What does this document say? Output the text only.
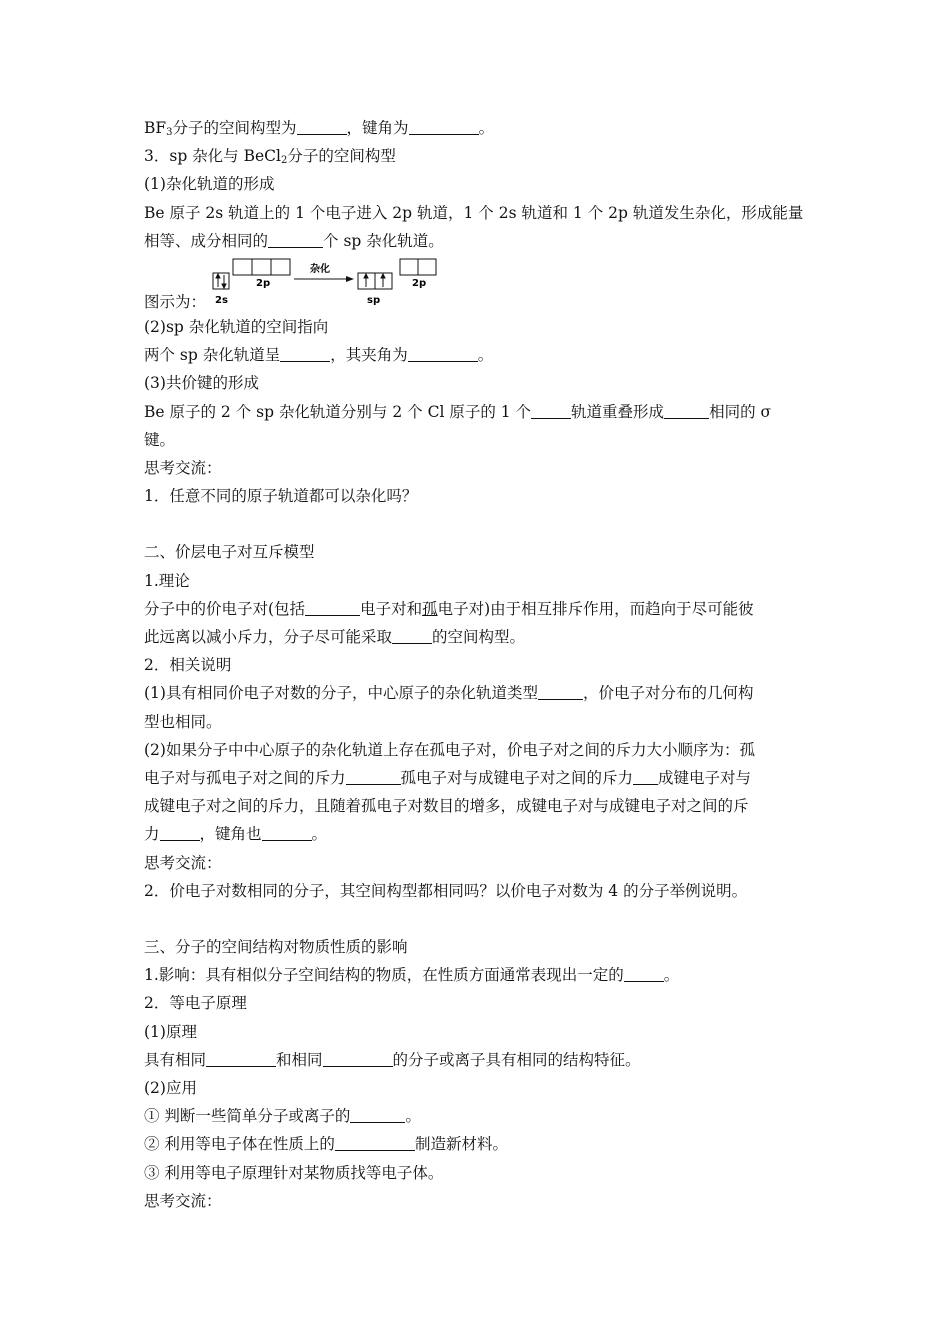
$BF_3$分子的空间构型为	，键角为	。
3．sp 杂化与 BeCl$_2$分子的空间构型
(1)杂化轨道的形成
Be 原子 2s 轨道上的 1 个电子进入 2p 轨道，1 个 2s 轨道和 1 个 2p 轨道发生杂化，形成能量
相等、成分相同的	个 sp 杂化轨道。
图示为： 2s
2p
杂化
sp
2p
(2)sp 杂化轨道的空间指向
两个 sp 杂化轨道呈	，其夹角为	。
(3)共价键的形成
Be 原子的 2 个 sp 杂化轨道分别与 2 个 Cl 原子的 1 个	轨道重叠形成	相同的 σ
键。
思考交流：
1．任意不同的原子轨道都可以杂化吗？
二、价层电子对互斥模型
1.理论
分子中的价电子对(包括	电子对和孤电子对)由于相互排斥作用，而趋向于尽可能彼
此远离以减小斥力，分子尽可能采取	的空间构型。
2．相关说明
(1)具有相同价电子对数的分子，中心原子的杂化轨道类型	，价电子对分布的几何构
型也相同。
(2)如果分子中中心原子的杂化轨道上存在孤电子对，价电子对之间的斥力大小顺序为：孤
电子对与孤电子对之间的斥力	孤电子对与成键电子对之间的斥力 成键电子对与
成键电子对之间的斥力，且随着孤电子对数目的增多，成键电子对与成键电子对之间的斥
力	，键角也	。
思考交流：
2．价电子对数相同的分子，其空间构型都相同吗？以价电子对数为 4 的分子举例说明。
三、分子的空间结构对物质性质的影响
1.影响：具有相似分子空间结构的物质，在性质方面通常表现出一定的	。
2．等电子原理
(1)原理
具有相同	和相同	的分子或离子具有相同的结构特征。
(2)应用
① 判断一些简单分子或离子的	。
② 利用等电子体在性质上的	制造新材料。
③ 利用等电子原理针对某物质找等电子体。
思考交流：
